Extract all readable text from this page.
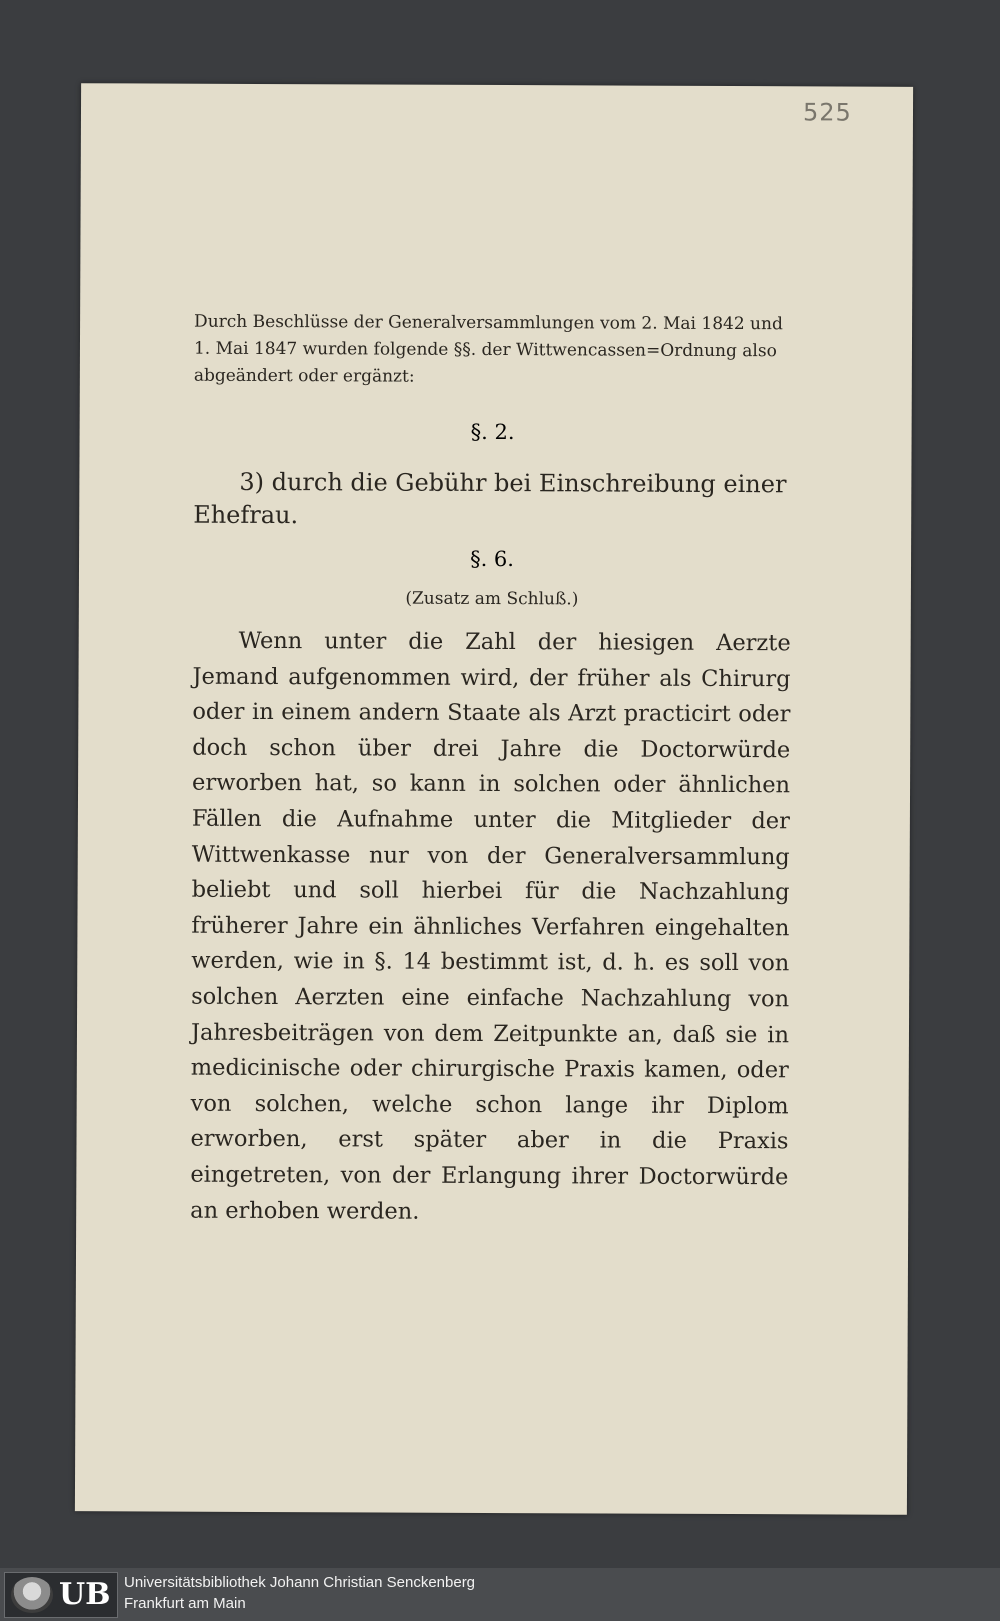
525

Durch Beschlüsse der Generalversammlungen vom 2. Mai 1842 und 1. Mai 1847 wurden folgende §§. der Wittwencassen=Ordnung also abgeändert oder ergänzt:

§. 2.

3) durch die Gebühr bei Einschreibung einer Ehefrau.

§. 6.
(Zusatz am Schluß.)

Wenn unter die Zahl der hiesigen Aerzte Jemand aufgenommen wird, der früher als Chirurg oder in einem andern Staate als Arzt practicirt oder doch schon über drei Jahre die Doctorwürde erworben hat, so kann in solchen oder ähnlichen Fällen die Aufnahme unter die Mitglieder der Wittwenkasse nur von der Generalversammlung beliebt und soll hierbei für die Nachzahlung früherer Jahre ein ähnliches Verfahren eingehalten werden, wie in §. 14 bestimmt ist, d. h. es soll von solchen Aerzten eine einfache Nachzahlung von Jahresbeiträgen von dem Zeitpunkte an, daß sie in medicinische oder chirurgische Praxis kamen, oder von solchen, welche schon lange ihr Diplom erworben, erst später aber in die Praxis eingetreten, von der Erlangung ihrer Doctorwürde an erhoben werden.

UB Universitätsbibliothek Johann Christian Senckenberg
Frankfurt am Main
